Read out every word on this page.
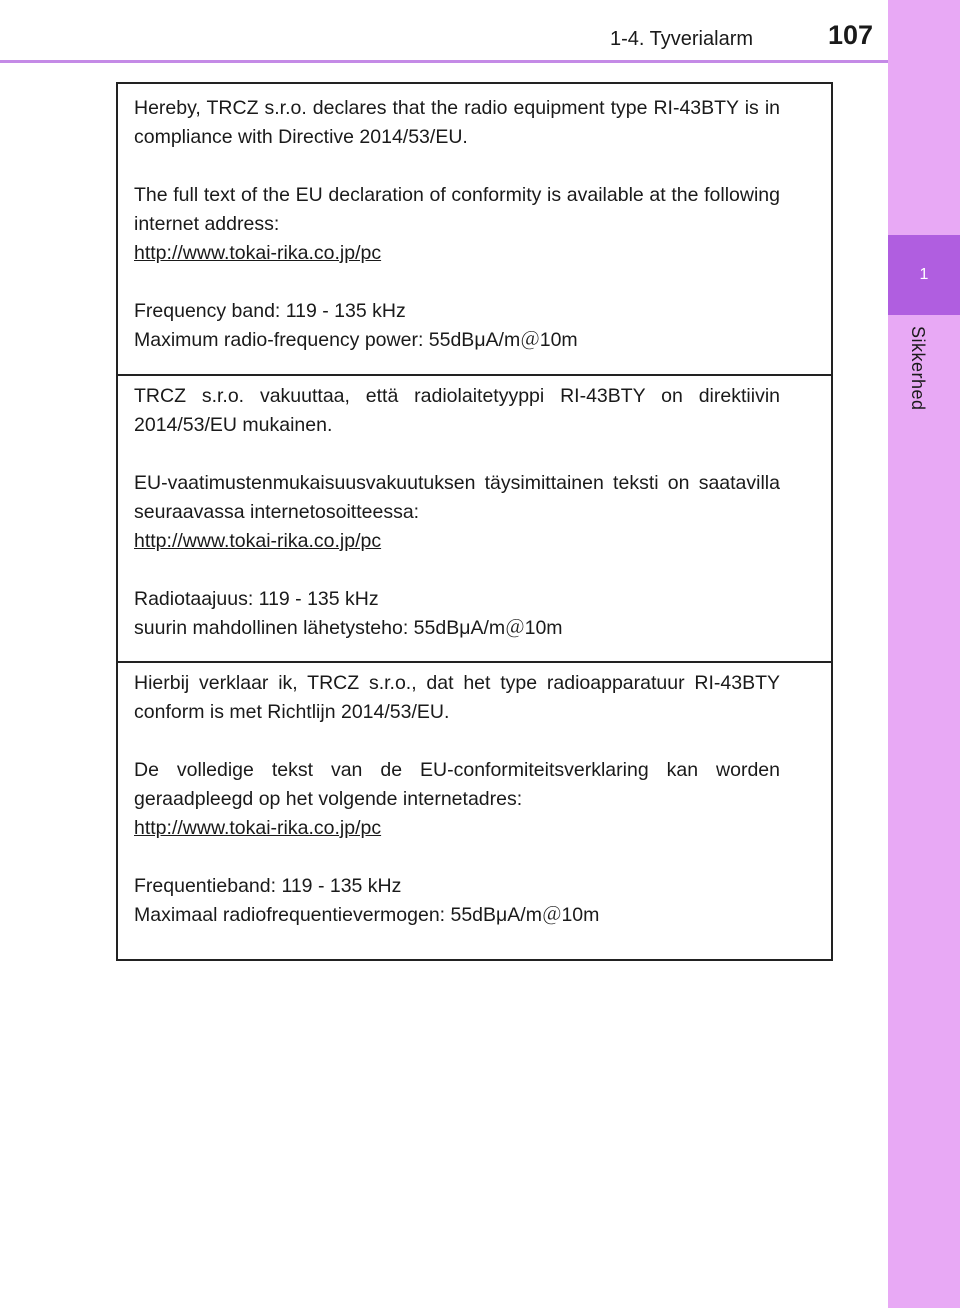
1-4. Tyverialarm	107
1
Sikkerhed
Hereby, TRCZ s.r.o. declares that the radio equipment type RI-43BTY is in compliance with Directive 2014/53/EU.
The full text of the EU declaration of conformity is available at the following internet address:
http://www.tokai-rika.co.jp/pc
Frequency band: 119 - 135 kHz
Maximum radio-frequency power: 55dBμA/m＠10m
TRCZ s.r.o. vakuuttaa, että radiolaitetyyppi RI-43BTY on direktiivin 2014/53/EU mukainen.
EU-vaatimustenmukaisuusvakuutuksen täysimittainen teksti on saatavilla seuraavassa internetosoitteessa:
http://www.tokai-rika.co.jp/pc
Radiotaajuus: 119 - 135 kHz
suurin mahdollinen lähetysteho: 55dBμA/m＠10m
Hierbij verklaar ik, TRCZ s.r.o., dat het type radioapparatuur RI-43BTY conform is met Richtlijn 2014/53/EU.
De volledige tekst van de EU-conformiteitsverklaring kan worden geraadpleegd op het volgende internetadres:
http://www.tokai-rika.co.jp/pc
Frequentieband: 119 - 135 kHz
Maximaal radiofrequentievermogen: 55dBμA/m＠10m
